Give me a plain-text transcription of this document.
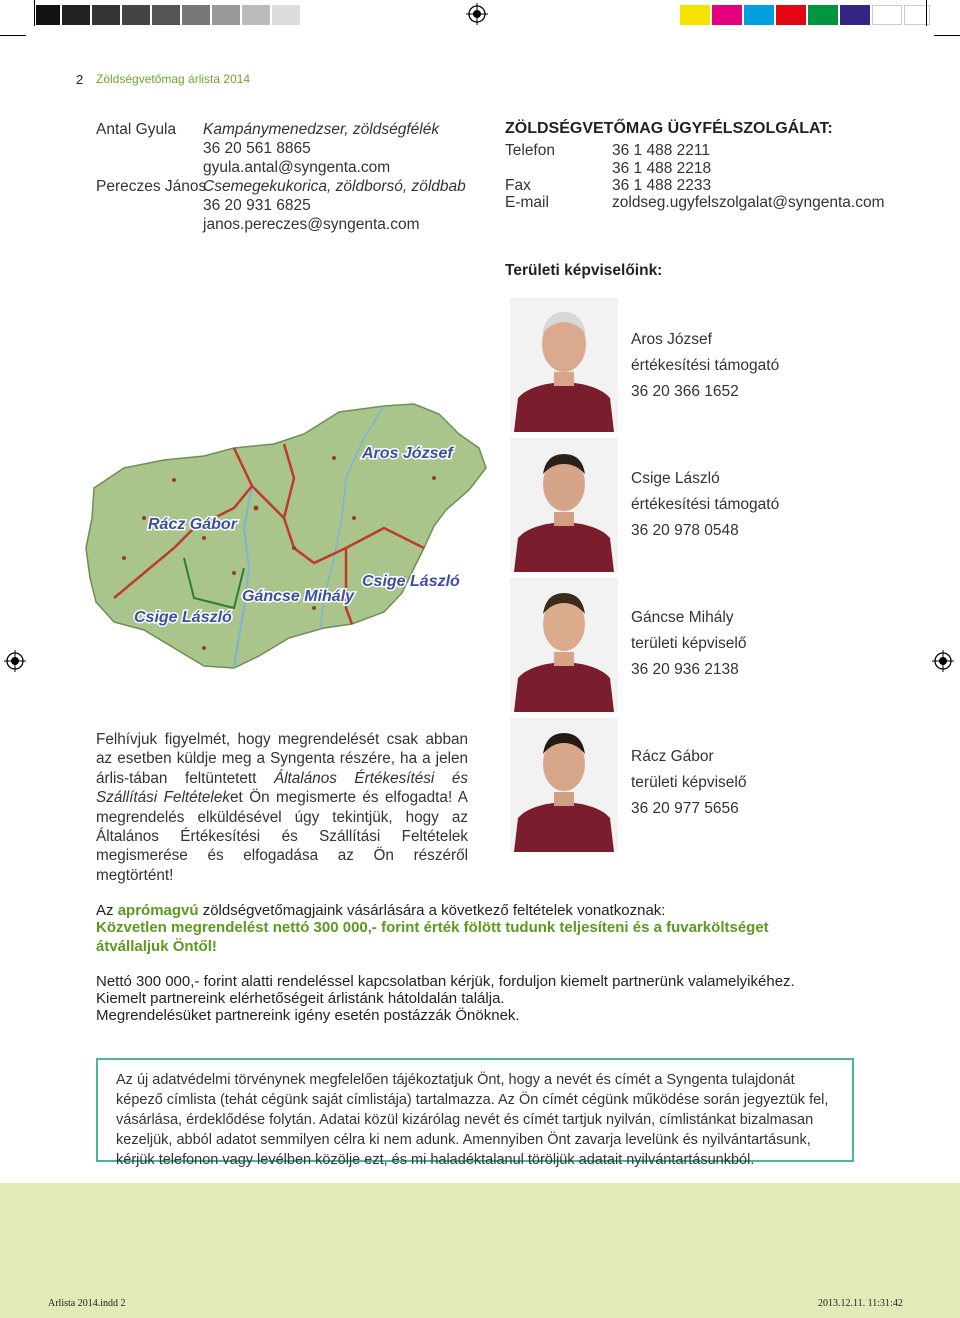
2 Zöldségvetőmag árlista 2014
Antal Gyula Kampánymenedzser, zöldségfélék
36 20 561 8865
gyula.antal@syngenta.com
Pereczes János
Csemegekukorica, zöldborsó, zöldbab
36 20 931 6825
janos.pereczes@syngenta.com
ZÖLDSÉGVETŐMAG ÜGYFÉLSZOLGÁLAT:
Telefon	36 1 488 2211
36 1 488 2218
Fax	36 1 488 2233
E-mail	zoldseg.ugyfelszolgalat@syngenta.com
Területi képviselőink:
Aros József
Rácz Gábor
Csige László
Gáncse Mihály
Csige László
Aros József
értékesítési támogató
36 20 366 1652
Csige László
értékesítési támogató
36 20 978 0548
Gáncse Mihály
területi képviselő
36 20 936 2138
Rácz Gábor
területi képviselő
36 20 977 5656
Felhívjuk figyelmét, hogy megrendelését csak abban az esetben küldje meg a Syngenta részére, ha a jelen árlis-tában feltüntetett Általános Értékesítési és Szállítási Feltételeket Ön megismerte és elfogadta! A megrendelés elküldésével úgy tekintjük, hogy az Általános Értékesítési és Szállítási Feltételek megismerése és elfogadása az Ön részéről megtörtént!
Az aprómagvú zöldségvetőmagjaink vásárlására a következő feltételek vonatkoznak:
Közvetlen megrendelést nettó 300 000,- forint érték fölött tudunk teljesíteni és a fuvarköltséget átvállaljuk Öntől!
Nettó 300 000,- forint alatti rendeléssel kapcsolatban kérjük, forduljon kiemelt partnerünk valamelyikéhez.
Kiemelt partnereink elérhetőségeit árlistánk hátoldalán találja.
Megrendelésüket partnereink igény esetén postázzák Önöknek.
Az új adatvédelmi törvénynek megfelelően tájékoztatjuk Önt, hogy a nevét és címét a Syngenta tulajdonát képező címlista (tehát cégünk saját címlistája) tartalmazza. Az Ön címét cégünk működése során jegyeztük fel, vásárlása, érdeklődése folytán. Adatai közül kizárólag nevét és címét tartjuk nyilván, címlistánkat bizalmasan kezeljük, abból adatot semmilyen célra ki nem adunk. Amennyiben Önt zavarja levelünk és nyilvántartásunk, kérjük telefonon vagy levélben közölje ezt, és mi haladéktalanul töröljük adatait nyilvántartásunkból.
Arlista 2014.indd 2	2013.12.11. 11:31:42
